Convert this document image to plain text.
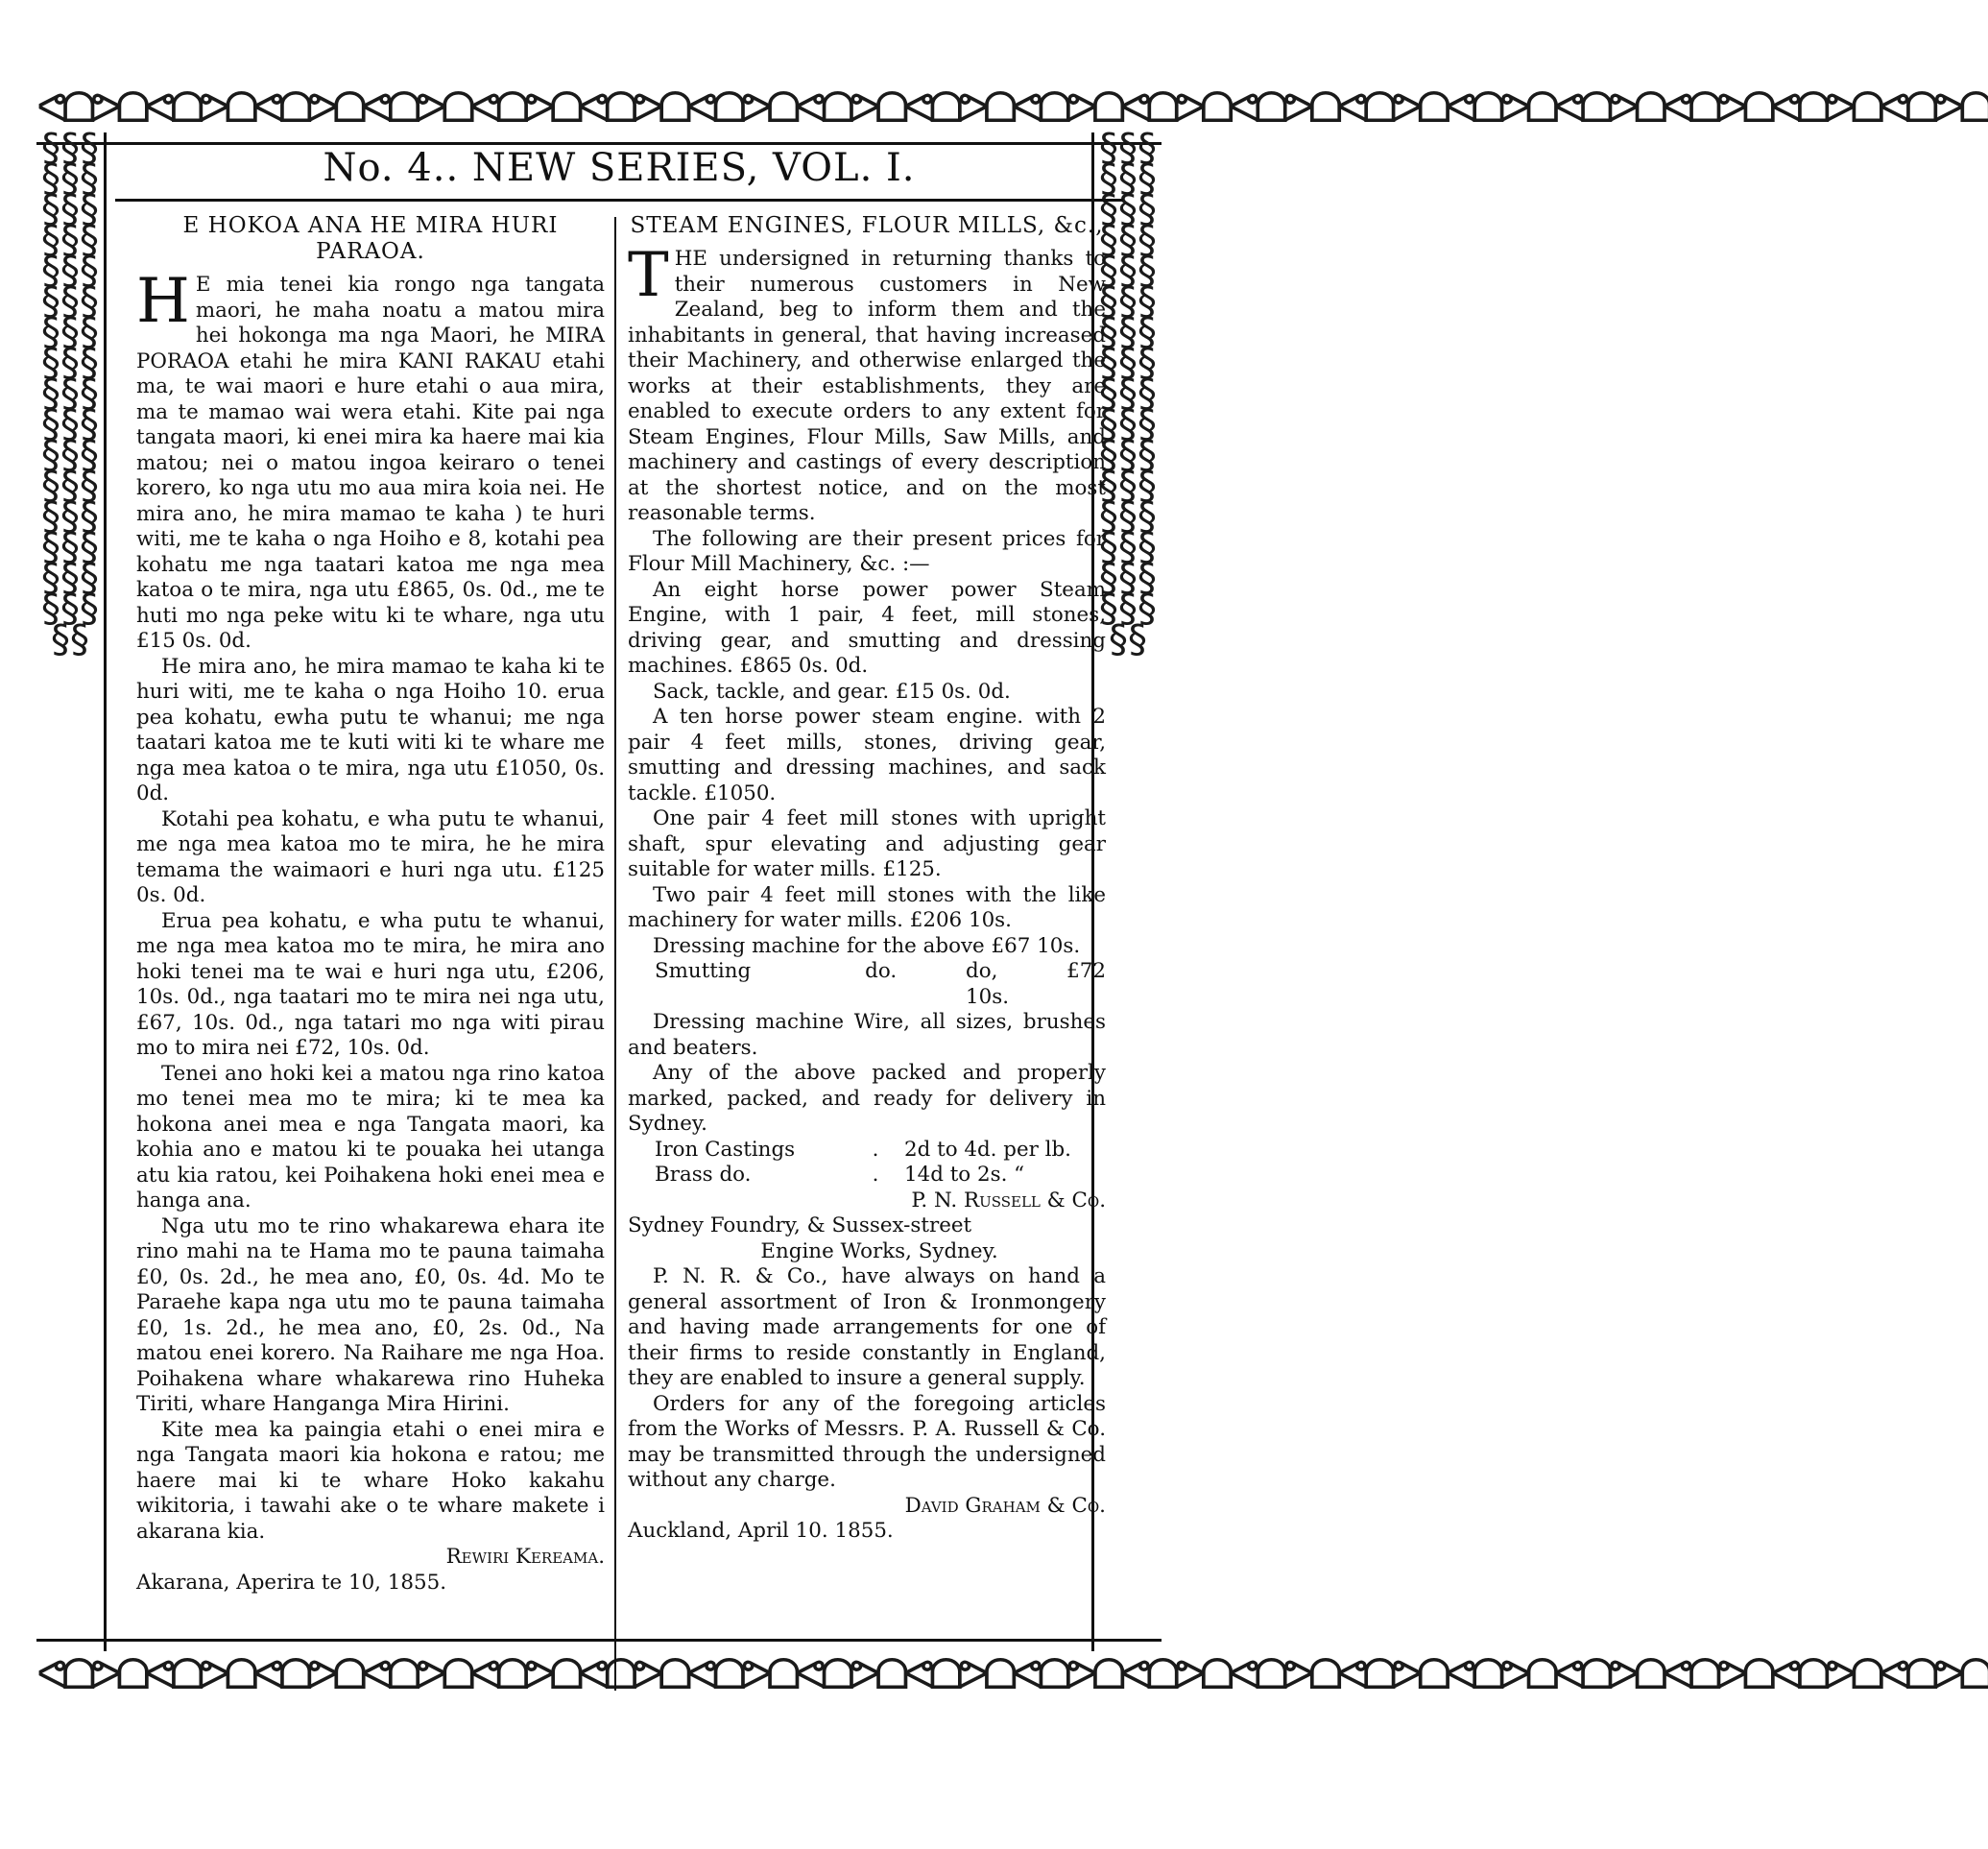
ᕙᗝᕗᗝᕙᗝᕗᗝᕙᗝᕗᗝᕙᗝᕗᗝᕙᗝᕗᗝᕙᗝᕗᗝᕙᗝᕗᗝᕙᗝᕗᗝᕙᗝᕗᗝᕙᗝᕗᗝᕙᗝᕗᗝᕙᗝᕗᗝᕙᗝᕗᗝᕙᗝᕗᗝᕙᗝᕗᗝᕙᗝᕗᗝᕙᗝᕗᗝᕙᗝᕗᗝ
§§§§§§§§§§§§§§§§§§§§§§§§§§§§§§§§§§§§§§§§§§§§§§§§§§
§§§§§§§§§§§§§§§§§§§§§§§§§§§§§§§§§§§§§§§§§§§§§§§§§§
ᕙᗝᕗᗝᕙᗝᕗᗝᕙᗝᕗᗝᕙᗝᕗᗝᕙᗝᕗᗝᕙᗝᕗᗝᕙᗝᕗᗝᕙᗝᕗᗝᕙᗝᕗᗝᕙᗝᕗᗝᕙᗝᕗᗝᕙᗝᕗᗝᕙᗝᕗᗝᕙᗝᕗᗝᕙᗝᕗᗝᕙᗝᕗᗝᕙᗝᕗᗝᕙᗝᕗᗝ
No. 4.. NEW SERIES, VOL. I.
E HOKOA ANA HE MIRA HURI PARAOA.

H E mia tenei kia rongo nga tangata maori, he maha noatu a matou mira hei hokonga ma nga Maori, he MIRA PORAOA etahi he mira KANI RAKAU etahi ma, te wai maori e hure etahi o aua mira, ma te mamao wai wera etahi. Kite pai nga tangata maori, ki enei mira ka haere mai kia matou; nei o matou ingoa keiraro o tenei korero, ko nga utu mo aua mira koia nei. He mira ano, he mira mamao te kaha ) te huri witi, me te kaha o nga Hoiho e 8, kotahi pea kohatu me nga taatari katoa me nga mea katoa o te mira, nga utu £865, 0s. 0d., me te huti mo nga peke witu ki te whare, nga utu £15 0s. 0d.

He mira ano, he mira mamao te kaha ki te huri witi, me te kaha o nga Hoiho 10. erua pea kohatu, ewha putu te whanui; me nga taatari katoa me te kuti witi ki te whare me nga mea katoa o te mira, nga utu £1050, 0s. 0d.

Kotahi pea kohatu, e wha putu te whanui, me nga mea katoa mo te mira, he he mira temama the waimaori e huri nga utu. £125 0s. 0d.

Erua pea kohatu, e wha putu te whanui, me nga mea katoa mo te mira, he mira ano hoki tenei ma te wai e huri nga utu, £206, 10s. 0d., nga taatari mo te mira nei nga utu, £67, 10s. 0d., nga tatari mo nga witi pirau mo to mira nei £72, 10s. 0d.

Tenei ano hoki kei a matou nga rino katoa mo tenei mea mo te mira; ki te mea ka hokona anei mea e nga Tangata maori, ka kohia ano e matou ki te pouaka hei utanga atu kia ratou, kei Poihakena hoki enei mea e hanga ana.

Nga utu mo te rino whakarewa ehara ite rino mahi na te Hama mo te pauna taimaha £0, 0s. 2d., he mea ano, £0, 0s. 4d. Mo te Paraehe kapa nga utu mo te pauna taimaha £0, 1s. 2d., he mea ano, £0, 2s. 0d., Na matou enei korero. Na Raihare me nga Hoa. Poihakena whare whakarewa rino Huheka Tiriti, whare Hanganga Mira Hirini.

Kite mea ka paingia etahi o enei mira e nga Tangata maori kia hokona e ratou; me haere mai ki te whare Hoko kakahu wikitoria, i tawahi ake o te whare makete i akarana kia.

Rewiri Kereama.

Akarana, Aperira te 10, 1855.

STEAM ENGINES, FLOUR MILLS, &c.,

THE undersigned in returning thanks to their numerous customers in New Zealand, beg to inform them and the inhabitants in general, that having increased their Machinery, and otherwise enlarged the works at their establishments, they are enabled to execute orders to any extent for Steam Engines, Flour Mills, Saw Mills, and machinery and castings of every description at the shortest notice, and on the most reasonable terms.

The following are their present prices for Flour Mill Machinery, &c. :—

An eight horse power power Steam Engine, with 1 pair, 4 feet, mill stones, driving gear, and smutting and dressing machines. £865 0s. 0d.

Sack, tackle, and gear. £15 0s. 0d.

A ten horse power steam engine. with 2 pair 4 feet mills, stones, driving gear, smutting and dressing machines, and sack tackle. £1050.

One pair 4 feet mill stones with upright shaft, spur elevating and adjusting gear suitable for water mills. £125.

Two pair 4 feet mill stones with the like machinery for water mills. £206 10s.

Dressing machine for the above £67 10s.

Smutting	do.	do,	£72 10s.

Dressing machine Wire, all sizes, brushes and beaters.

Any of the above packed and properly marked, packed, and ready for delivery in Sydney.

Iron Castings	.	2d to 4d. per lb.
Brass do.	.	14d to 2s. “

P. N. Russell & Co.

Sydney Foundry, & Sussex-street

Engine Works, Sydney.

P. N. R. & Co., have always on hand a general assortment of Iron & Ironmongery and having made arrangements for one of their firms to reside constantly in England, they are enabled to insure a general supply.

Orders for any of the foregoing articles from the Works of Messrs. P. A. Russell & Co. may be transmitted through the undersigned without any charge.

David Graham & Co.

Auckland, April 10. 1855.
